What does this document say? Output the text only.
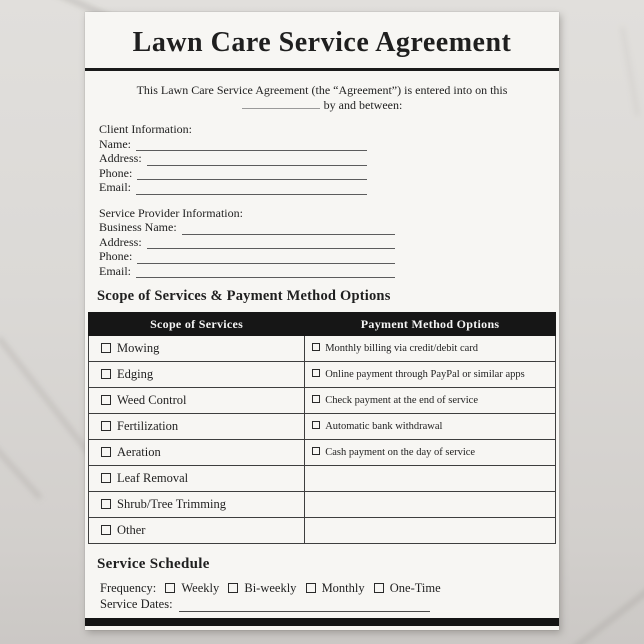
Lawn Care Service Agreement
This Lawn Care Service Agreement (the “Agreement”) is entered into on this
by and between:
Client Information:
Name:
Address:
Phone:
Email:
Service Provider Information:
Business Name:
Address:
Phone:
Email:
Scope of Services & Payment Method Options
Scope of Services	Payment Method Options
Mowing	Monthly billing via credit/debit card
Edging	Online payment through PayPal or similar apps
Weed Control	Check payment at the end of service
Fertilization	Automatic bank withdrawal
Aeration	Cash payment on the day of service
Leaf Removal	
Shrub/Tree Trimming	
Other	
Service Schedule
Frequency: Weekly Bi-weekly Monthly One-Time
Service Dates:
